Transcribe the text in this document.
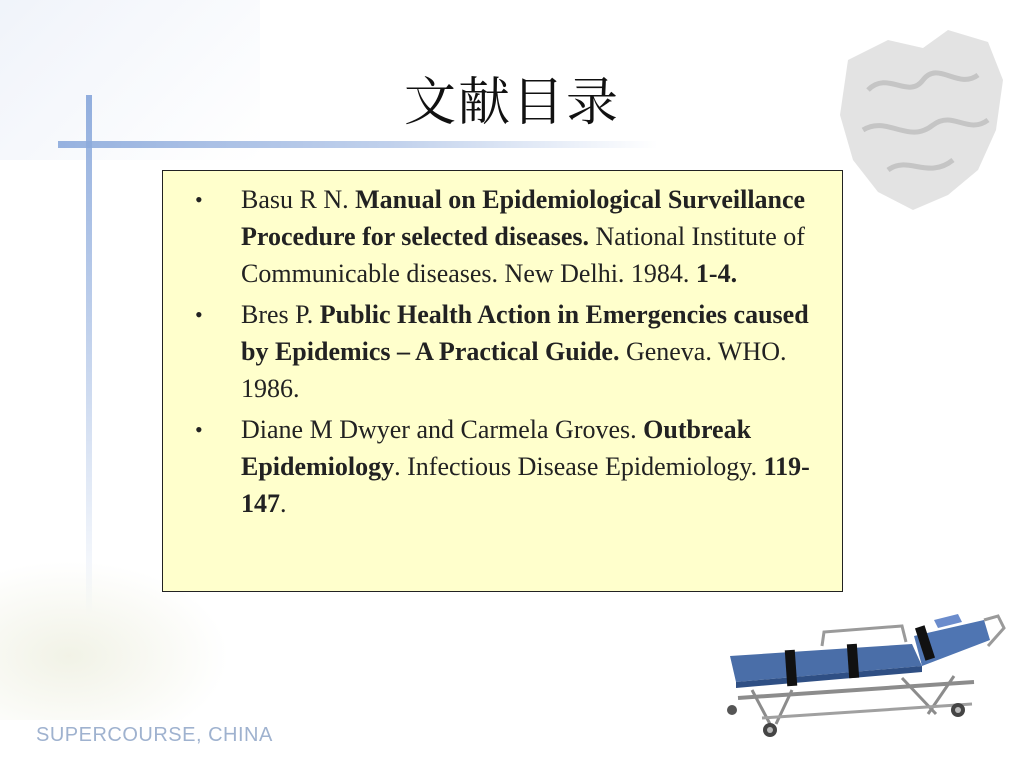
文献目录
• Basu R N. Manual on Epidemiological Surveillance Procedure for selected diseases. National Institute of Communicable diseases. New Delhi. 1984. 1-4.
• Bres P. Public Health Action in Emergencies caused by Epidemics – A Practical Guide. Geneva. WHO. 1986.
• Diane M Dwyer and Carmela Groves. Outbreak Epidemiology. Infectious Disease Epidemiology. 119-147.
SUPERCOURSE, CHINA
